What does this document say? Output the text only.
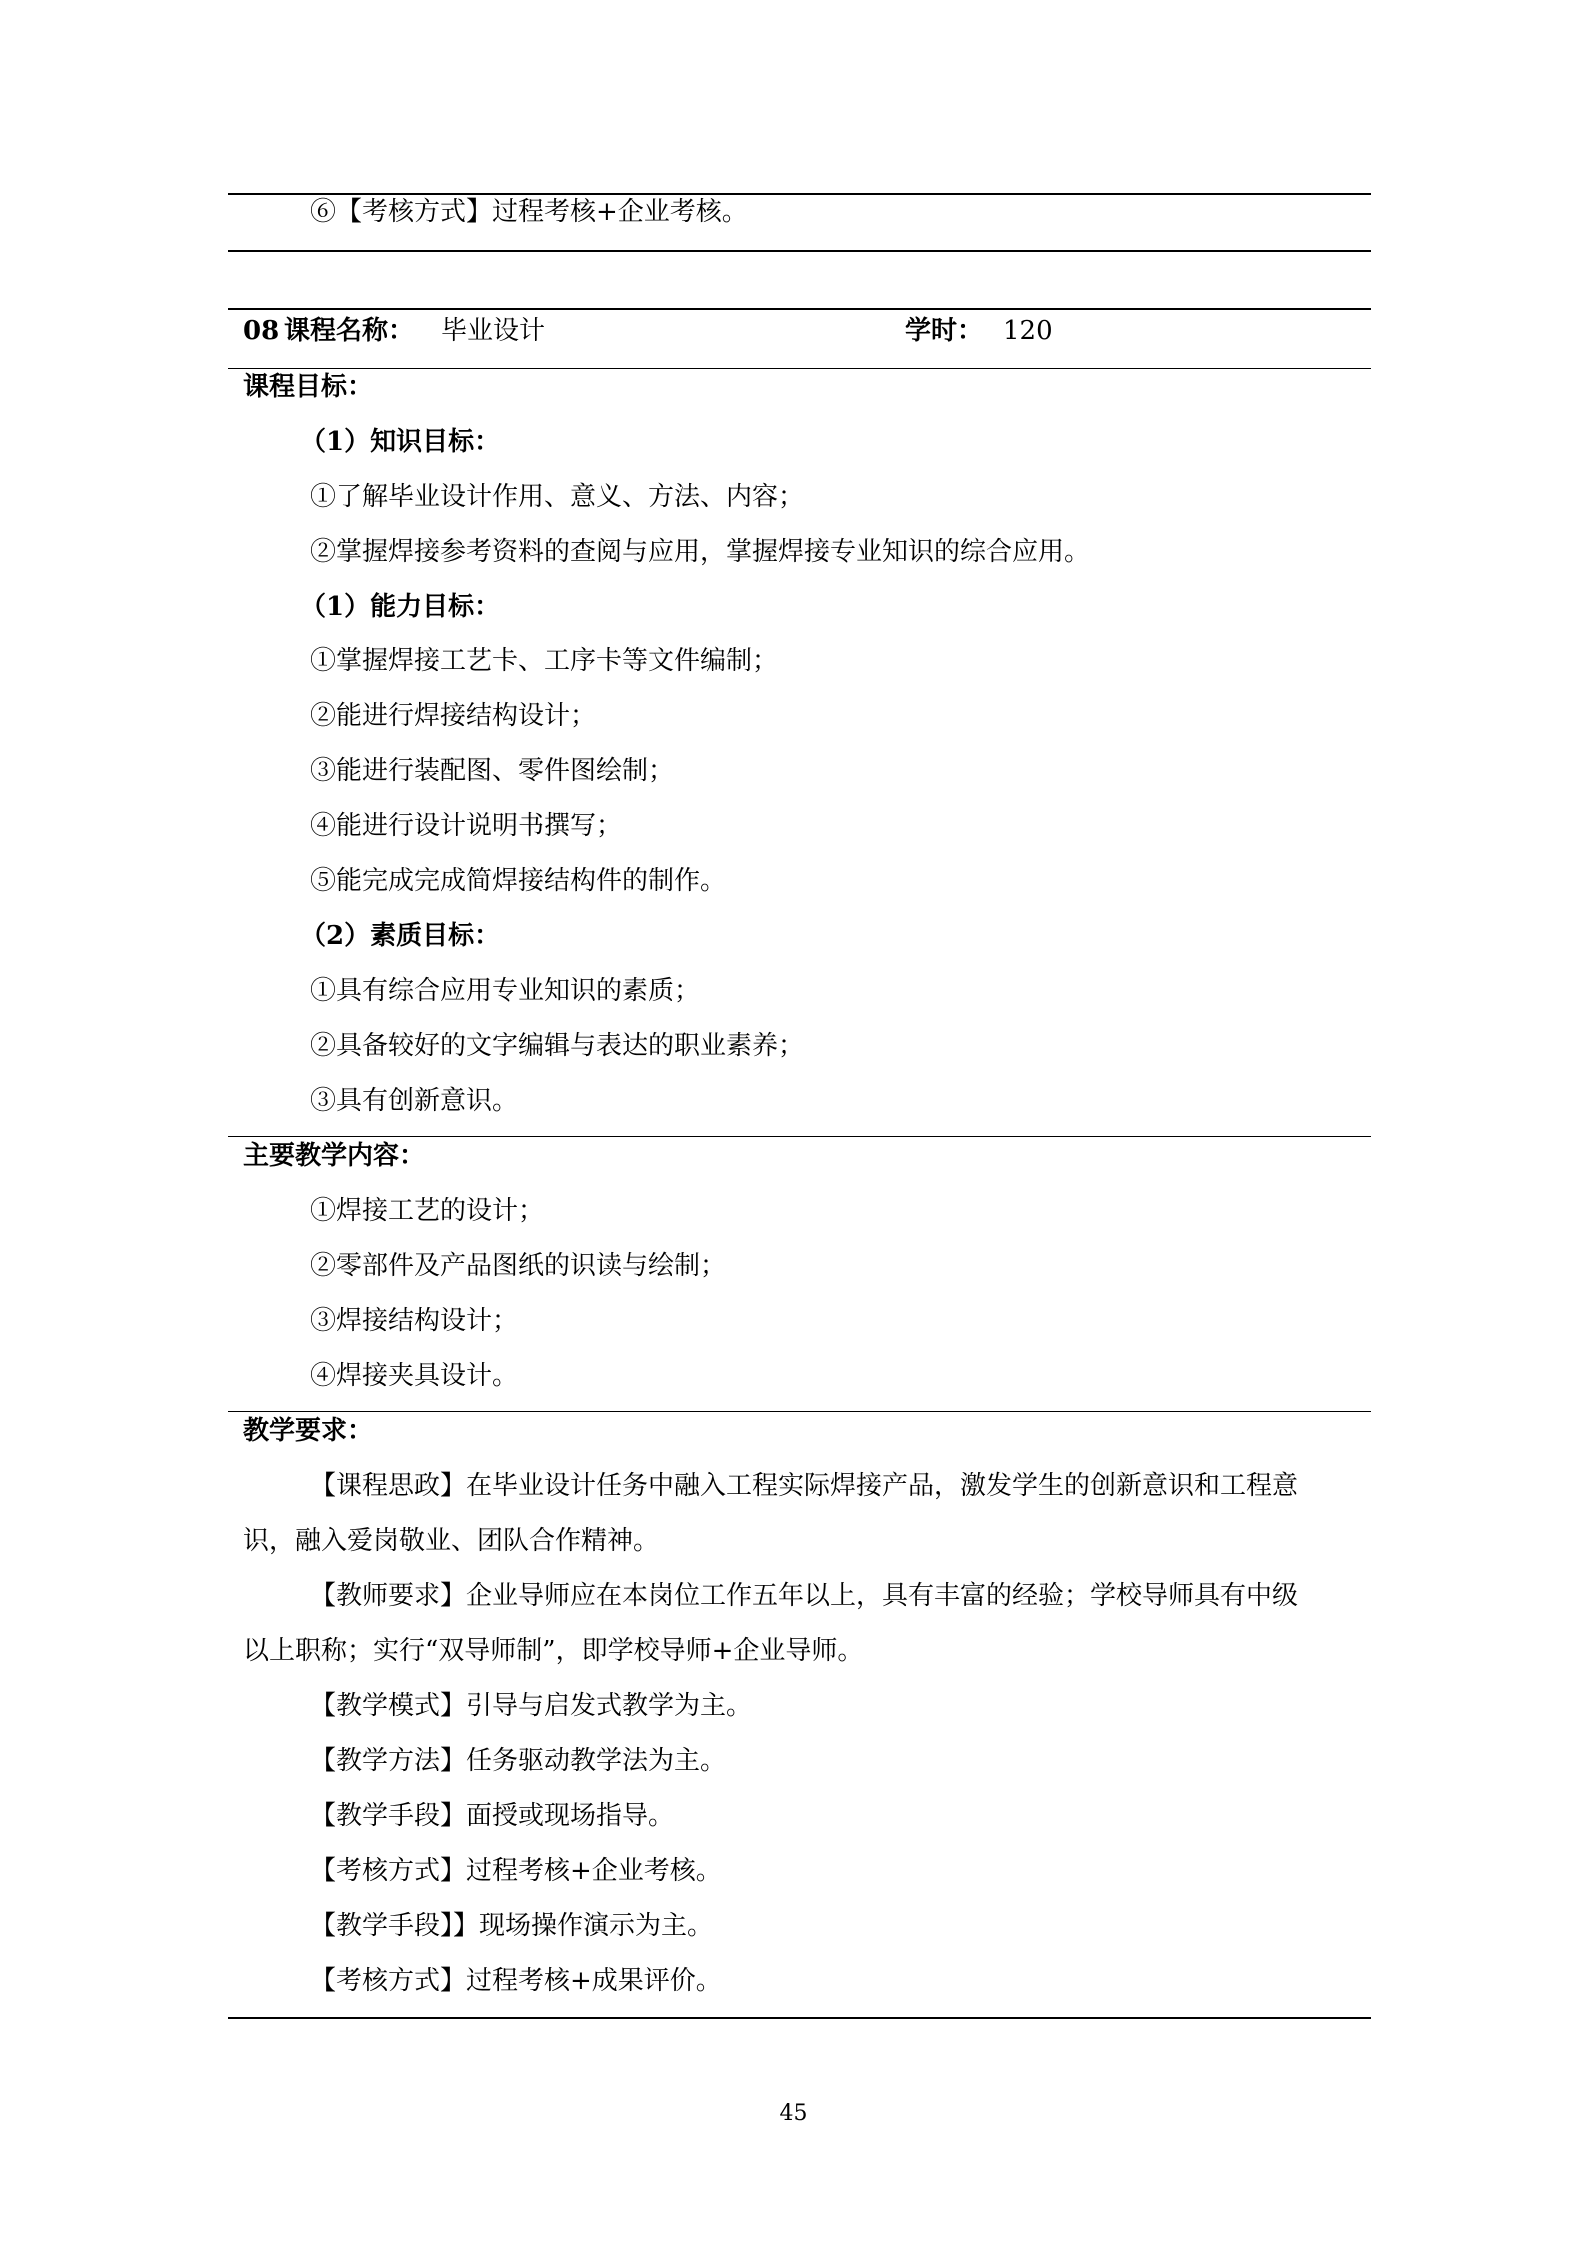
⑥【考核方式】过程考核+企业考核。
08 课程名称： 毕业设计	学时： 120
课程目标：
（1）知识目标：
①了解毕业设计作用、意义、方法、内容；
②掌握焊接参考资料的查阅与应用，掌握焊接专业知识的综合应用。
（1）能力目标：
①掌握焊接工艺卡、工序卡等文件编制；
②能进行焊接结构设计；
③能进行装配图、零件图绘制；
④能进行设计说明书撰写；
⑤能完成完成简焊接结构件的制作。
（2）素质目标：
①具有综合应用专业知识的素质；
②具备较好的文字编辑与表达的职业素养；
③具有创新意识。
主要教学内容：
①焊接工艺的设计；
②零部件及产品图纸的识读与绘制；
③焊接结构设计；
④焊接夹具设计。
教学要求：
【课程思政】在毕业设计任务中融入工程实际焊接产品，激发学生的创新意识和工程意
识，融入爱岗敬业、团队合作精神。
【教师要求】企业导师应在本岗位工作五年以上，具有丰富的经验；学校导师具有中级
以上职称；实行“双导师制”，即学校导师+企业导师。
【教学模式】引导与启发式教学为主。
【教学方法】任务驱动教学法为主。
【教学手段】面授或现场指导。
【考核方式】过程考核+企业考核。
【教学手段】】现场操作演示为主。
【考核方式】过程考核+成果评价。
45
